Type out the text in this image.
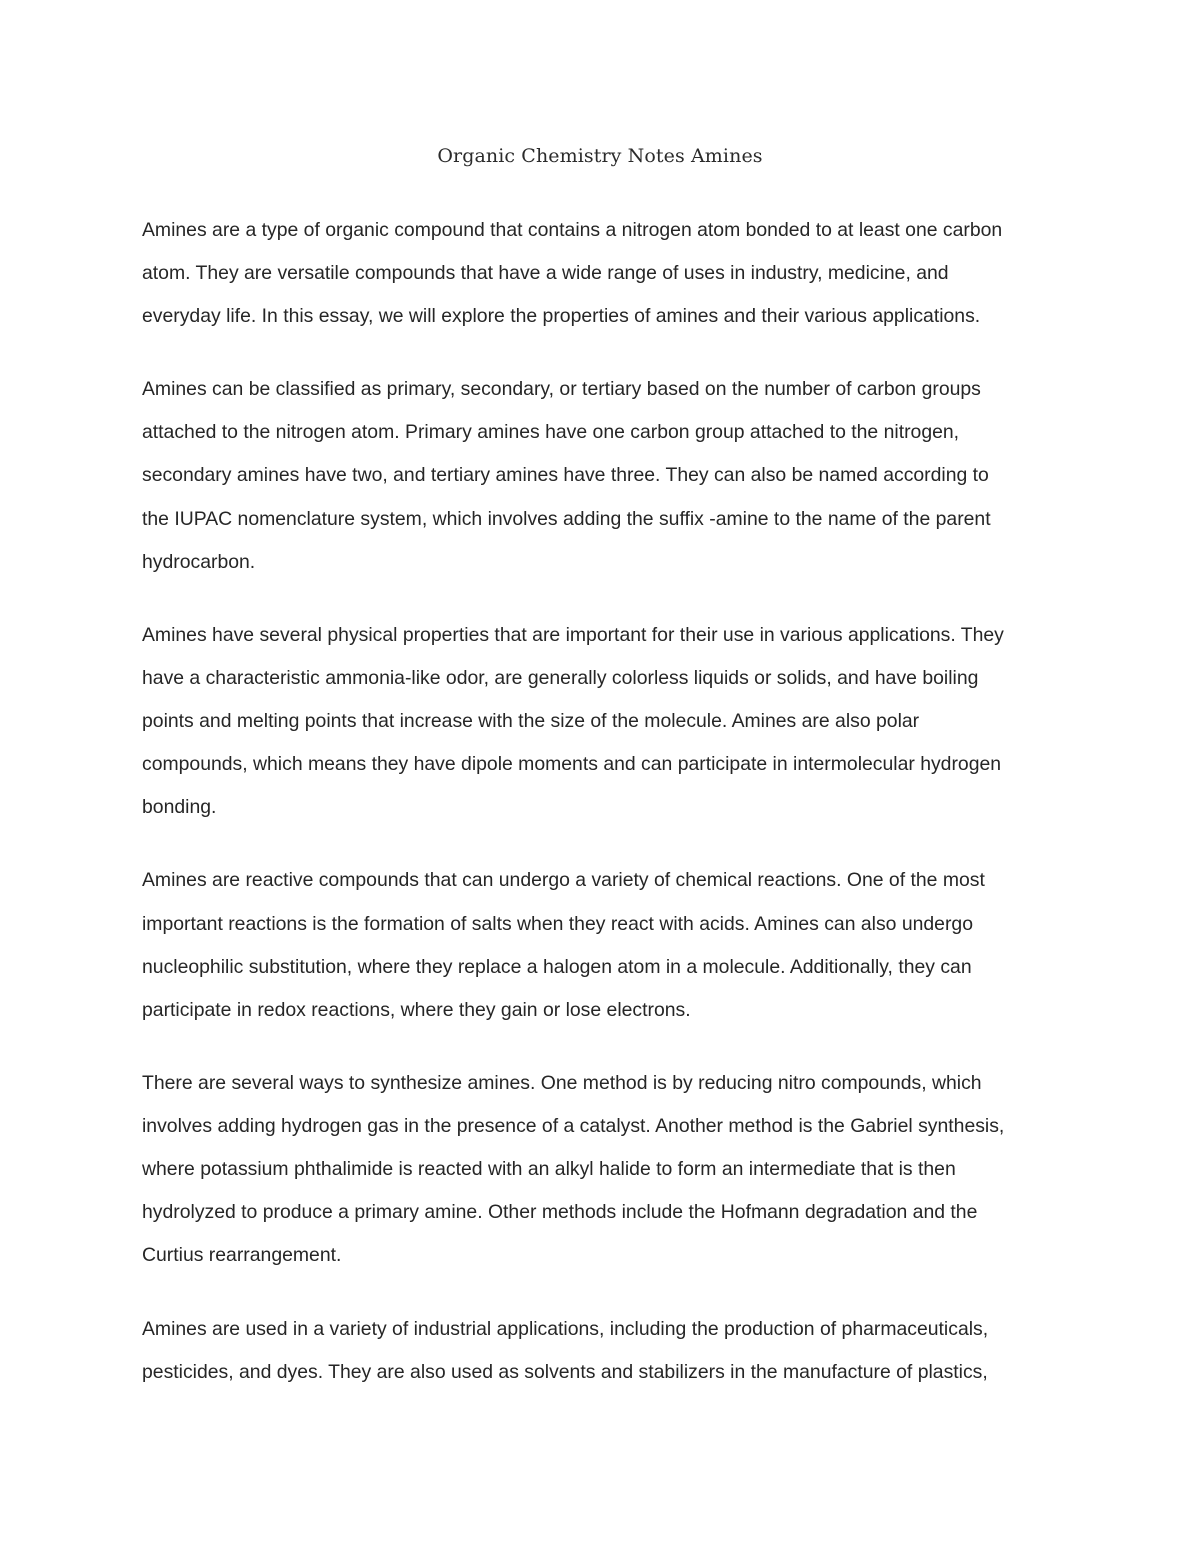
Organic Chemistry Notes Amines
Amines are a type of organic compound that contains a nitrogen atom bonded to at least one carbon
atom. They are versatile compounds that have a wide range of uses in industry, medicine, and
everyday life. In this essay, we will explore the properties of amines and their various applications.
Amines can be classified as primary, secondary, or tertiary based on the number of carbon groups
attached to the nitrogen atom. Primary amines have one carbon group attached to the nitrogen,
secondary amines have two, and tertiary amines have three. They can also be named according to
the IUPAC nomenclature system, which involves adding the suffix -amine to the name of the parent
hydrocarbon.
Amines have several physical properties that are important for their use in various applications. They
have a characteristic ammonia-like odor, are generally colorless liquids or solids, and have boiling
points and melting points that increase with the size of the molecule. Amines are also polar
compounds, which means they have dipole moments and can participate in intermolecular hydrogen
bonding.
Amines are reactive compounds that can undergo a variety of chemical reactions. One of the most
important reactions is the formation of salts when they react with acids. Amines can also undergo
nucleophilic substitution, where they replace a halogen atom in a molecule. Additionally, they can
participate in redox reactions, where they gain or lose electrons.
There are several ways to synthesize amines. One method is by reducing nitro compounds, which
involves adding hydrogen gas in the presence of a catalyst. Another method is the Gabriel synthesis,
where potassium phthalimide is reacted with an alkyl halide to form an intermediate that is then
hydrolyzed to produce a primary amine. Other methods include the Hofmann degradation and the
Curtius rearrangement.
Amines are used in a variety of industrial applications, including the production of pharmaceuticals,
pesticides, and dyes. They are also used as solvents and stabilizers in the manufacture of plastics,
